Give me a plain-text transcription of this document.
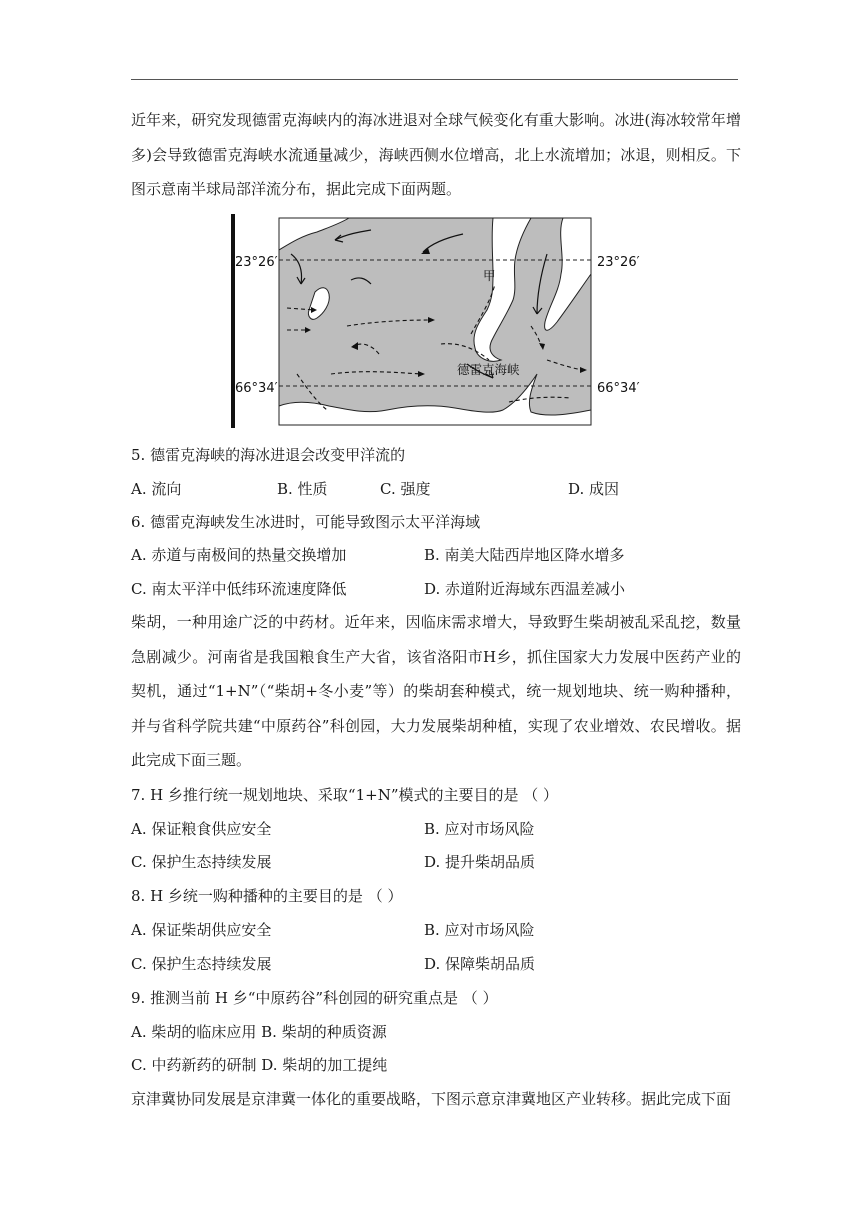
近年来，研究发现德雷克海峡内的海冰进退对全球气候变化有重大影响。冰进(海冰较常年增多)会导致德雷克海峡水流通量减少，海峡西侧水位增高，北上水流增加；冰退，则相反。下图示意南半球局部洋流分布，据此完成下面两题。
23°26′	23°26′
66°34′	66°34′
甲
德雷克海峡
5. 德雷克海峡的海冰进退会改变甲洋流的
A. 流向	B. 性质	C. 强度	D. 成因
6. 德雷克海峡发生冰进时，可能导致图示太平洋海域
A. 赤道与南极间的热量交换增加	B. 南美大陆西岸地区降水增多
C. 南太平洋中低纬环流速度降低	D. 赤道附近海域东西温差减小
柴胡，一种用途广泛的中药材。近年来，因临床需求增大，导致野生柴胡被乱采乱挖，数量急剧减少。河南省是我国粮食生产大省，该省洛阳市H乡，抓住国家大力发展中医药产业的契机，通过“1+N”（“柴胡+冬小麦”等）的柴胡套种模式，统一规划地块、统一购种播种，并与省科学院共建“中原药谷”科创园，大力发展柴胡种植，实现了农业增效、农民增收。据此完成下面三题。
7. H 乡推行统一规划地块、采取“1+N”模式的主要目的是 （ ）
A. 保证粮食供应安全	B. 应对市场风险
C. 保护生态持续发展	D. 提升柴胡品质
8. H 乡统一购种播种的主要目的是 （ ）
A. 保证柴胡供应安全	B. 应对市场风险
C. 保护生态持续发展	D. 保障柴胡品质
9. 推测当前 H 乡“中原药谷”科创园的研究重点是 （ ）
A. 柴胡的临床应用 B. 柴胡的种质资源
C. 中药新药的研制 D. 柴胡的加工提纯
京津冀协同发展是京津冀一体化的重要战略，下图示意京津冀地区产业转移。据此完成下面
